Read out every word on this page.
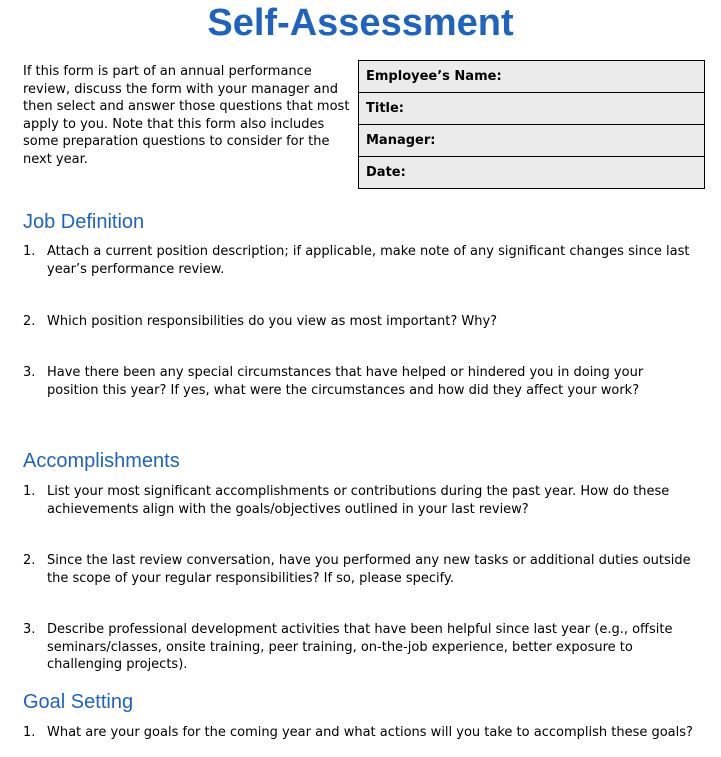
Self-Assessment

If this form is part of an annual performance review, discuss the form with your manager and then select and answer those questions that most apply to you. Note that this form also includes some preparation questions to consider for the next year.

Employee’s Name:
Title:
Manager:
Date:
Job Definition
1. Attach a current position description; if applicable, make note of any significant changes since last year’s performance review.
2. Which position responsibilities do you view as most important? Why?
3. Have there been any special circumstances that have helped or hindered you in doing your position this year? If yes, what were the circumstances and how did they affect your work?
Accomplishments
1. List your most significant accomplishments or contributions during the past year. How do these achievements align with the goals/objectives outlined in your last review?
2. Since the last review conversation, have you performed any new tasks or additional duties outside the scope of your regular responsibilities? If so, please specify.
3. Describe professional development activities that have been helpful since last year (e.g., offsite seminars/classes, onsite training, peer training, on-the-job experience, better exposure to challenging projects).
Goal Setting
1. What are your goals for the coming year and what actions will you take to accomplish these goals?
